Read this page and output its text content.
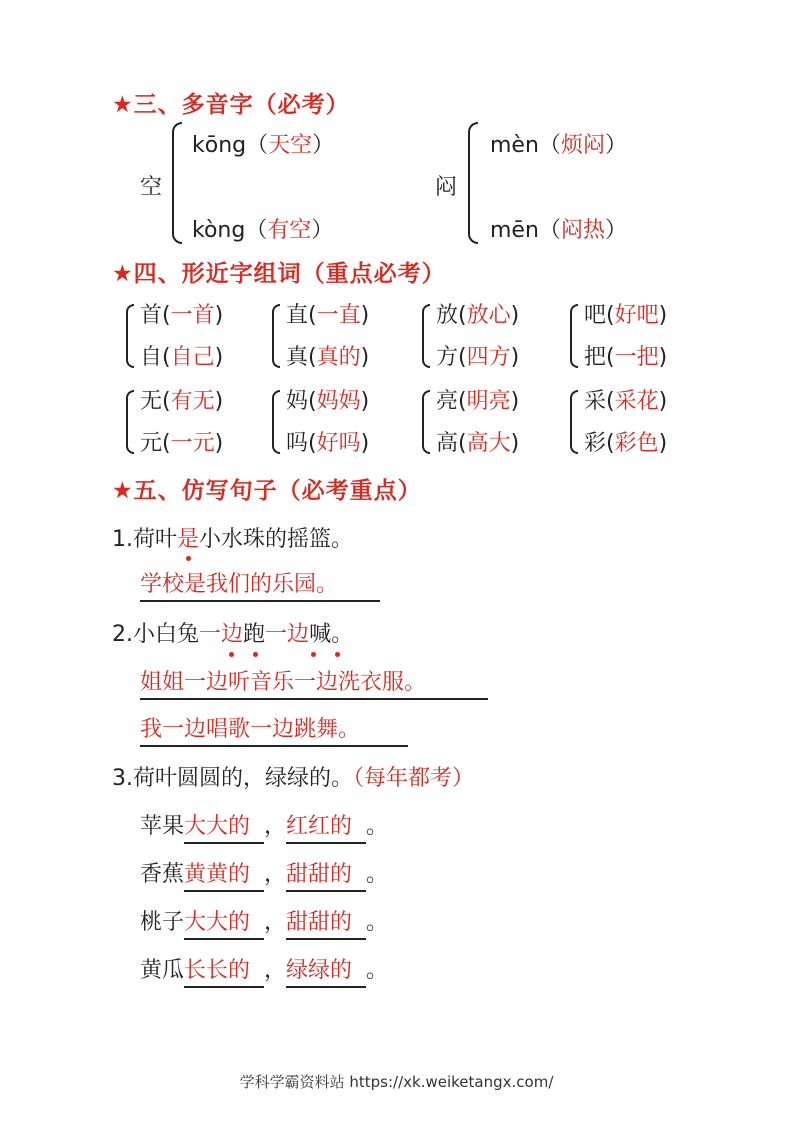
★三、多音字（必考）
空
kōng（天空）
kòng（有空）
闷
mèn（烦闷）
mēn（闷热）
★四、形近字组词（重点必考）
首(一首)
自(自己)
直(一直)
真(真的)
放(放心)
方(四方)
吧(好吧)
把(一把)
无(有无)
元(一元)
妈(妈妈)
吗(好吗)
亮(明亮)
高(高大)
采(采花)
彩(彩色)
★五、仿写句子（必考重点）
1.荷叶是小水珠的摇篮。
学校是我们的乐园。
2.小白兔一边跑一边喊。
姐姐一边听音乐一边洗衣服。
我一边唱歌一边跳舞。
3.荷叶圆圆的，绿绿的。（每年都考）
苹果大大的 ，红红的 。
香蕉黄黄的 ，甜甜的 。
桃子大大的 ，甜甜的 。
黄瓜长长的 ，绿绿的 。
学科学霸资料站 https://xk.weiketangx.com/
